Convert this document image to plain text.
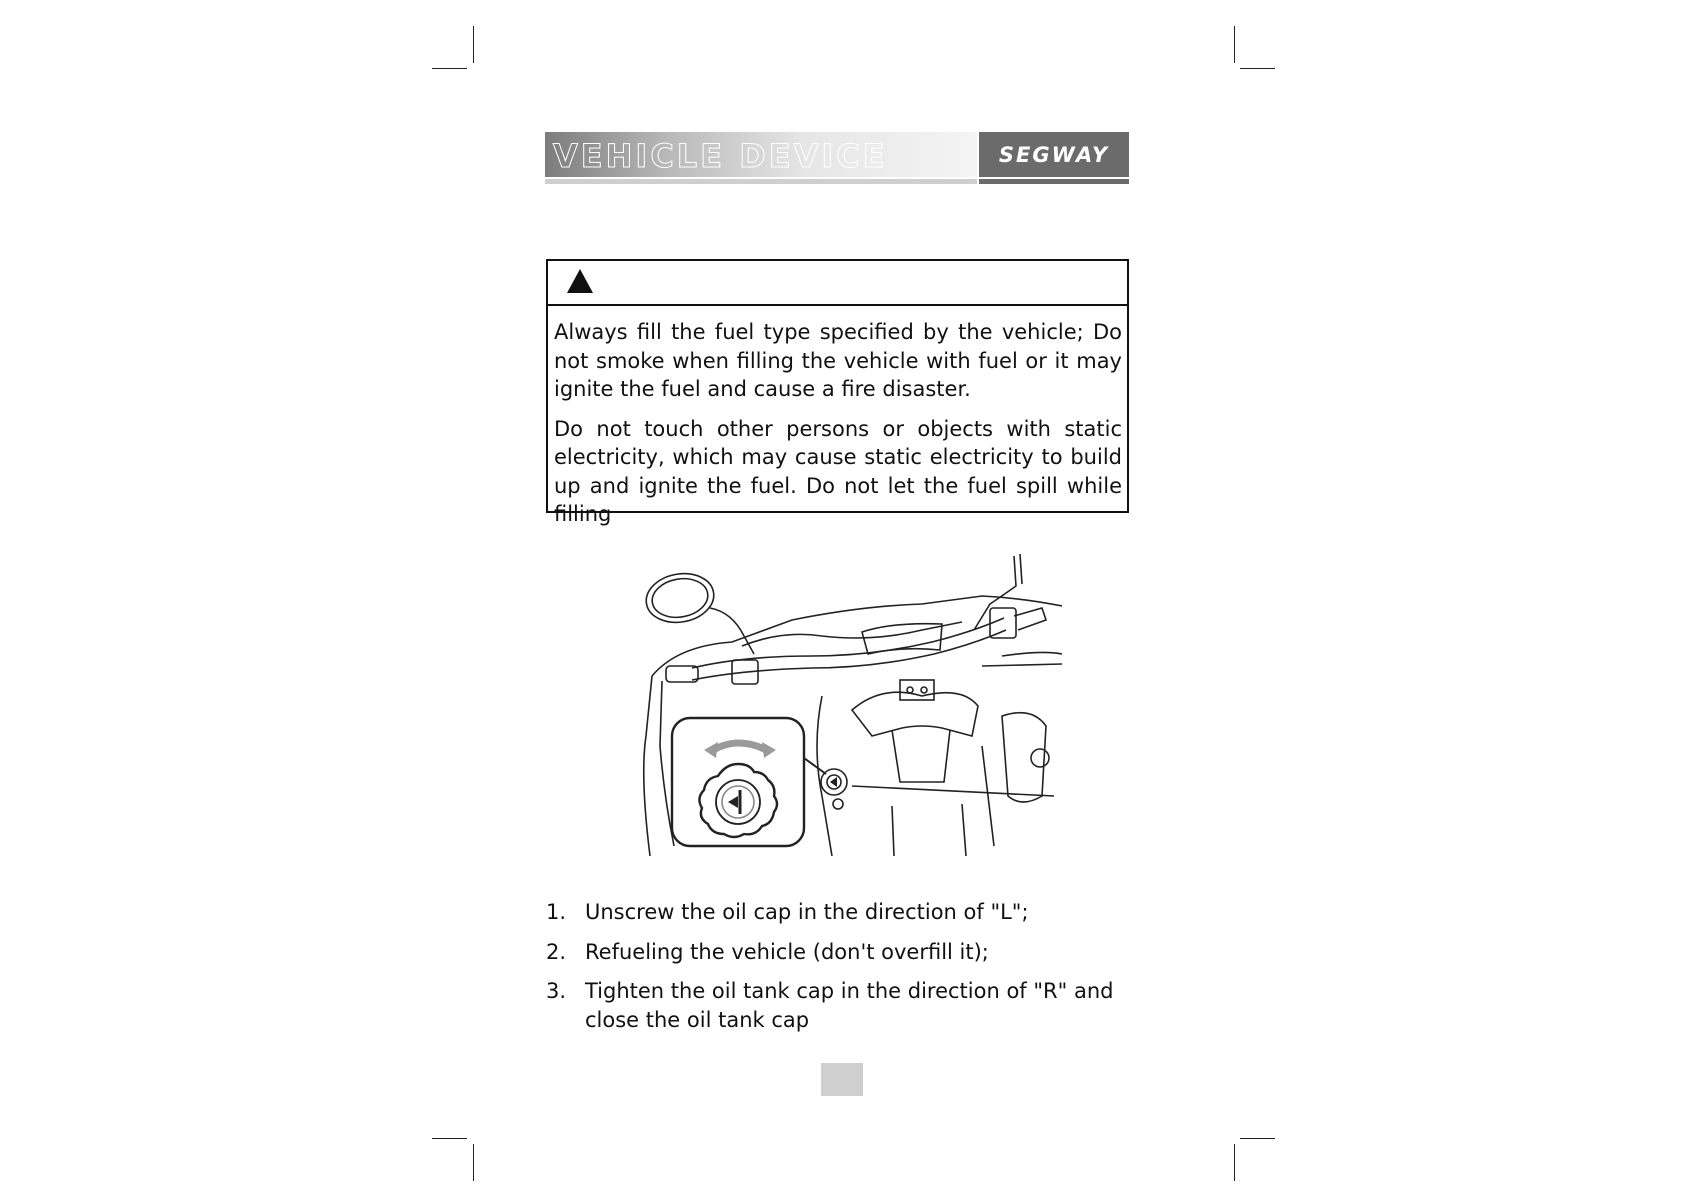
VEHICLE DEVICE	SEGWAY

Always fill the fuel type specified by the vehicle; Do not smoke when filling the vehicle with fuel or it may ignite the fuel and cause a fire disaster.

Do not touch other persons or objects with static electricity, which may cause static electricity to build up and ignite the fuel. Do not let the fuel spill while filling

1. Unscrew the oil cap in the direction of "L";
2. Refueling the vehicle (don't overfill it);
3. Tighten the oil tank cap in the direction of "R" and close the oil tank cap
